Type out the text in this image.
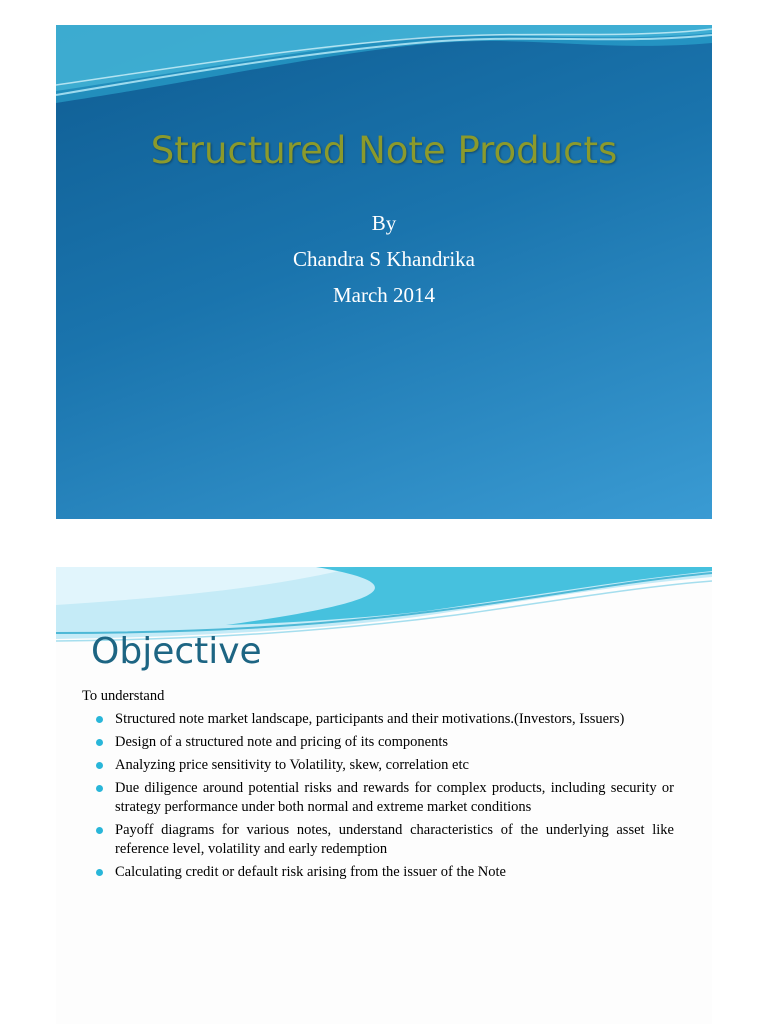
Structured Note Products
By
Chandra S Khandrika
March 2014
Objective
To understand
Structured note market landscape, participants and their motivations.(Investors, Issuers)
Design of a structured note and pricing of its components
Analyzing price sensitivity to Volatility, skew, correlation etc
Due diligence around potential risks and rewards for complex products, including security or strategy performance under both normal and extreme market conditions
Payoff diagrams for various notes, understand characteristics of the underlying asset like reference level, volatility and early redemption
Calculating credit or default risk arising from the issuer of the Note
